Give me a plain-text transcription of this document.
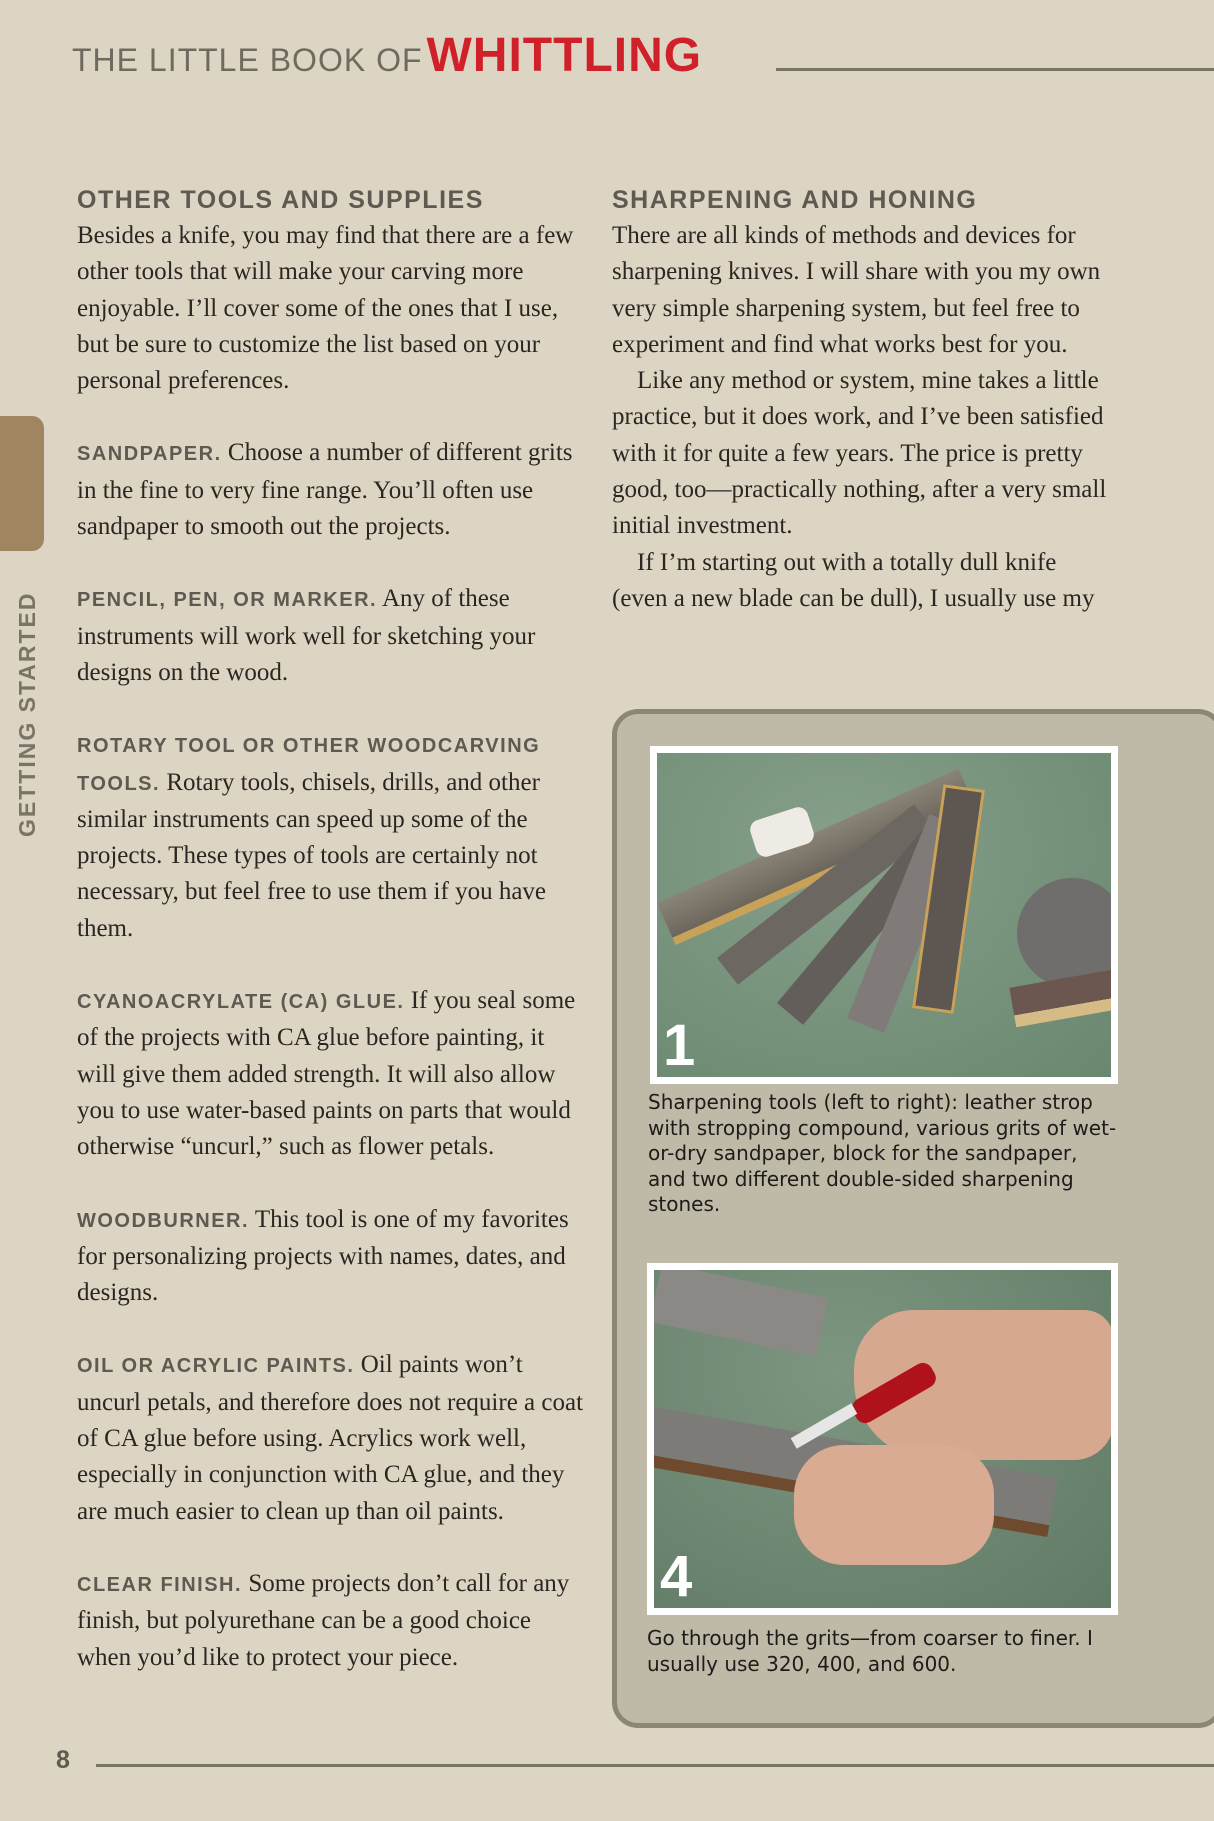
THE LITTLE BOOK OF WHITTLING
GETTING STARTED
OTHER TOOLS AND SUPPLIES

Besides a knife, you may find that there are a few other tools that will make your carving more enjoyable. I’ll cover some of the ones that I use, but be sure to customize the list based on your personal preferences.

SANDPAPER. Choose a number of different grits in the fine to very fine range. You’ll often use sandpaper to smooth out the projects.

PENCIL, PEN, OR MARKER. Any of these instruments will work well for sketching your designs on the wood.

ROTARY TOOL OR OTHER WOODCARVING TOOLS. Rotary tools, chisels, drills, and other similar instruments can speed up some of the projects. These types of tools are certainly not necessary, but feel free to use them if you have them.

CYANOACRYLATE (CA) GLUE. If you seal some of the projects with CA glue before painting, it will give them added strength. It will also allow you to use water-based paints on parts that would otherwise “uncurl,” such as flower petals.

WOODBURNER. This tool is one of my favorites for personalizing projects with names, dates, and designs.

OIL OR ACRYLIC PAINTS. Oil paints won’t uncurl petals, and therefore does not require a coat of CA glue before using. Acrylics work well, especially in conjunction with CA glue, and they are much easier to clean up than oil paints.

CLEAR FINISH. Some projects don’t call for any finish, but polyurethane can be a good choice when you’d like to protect your piece.

SHARPENING AND HONING

There are all kinds of methods and devices for sharpening knives. I will share with you my own very simple sharpening system, but feel free to experiment and find what works best for you.

Like any method or system, mine takes a little practice, but it does work, and I’ve been satisfied with it for quite a few years. The price is pretty good, too—practically nothing, after a very small initial investment.

If I’m starting out with a totally dull knife (even a new blade can be dull), I usually use my

1
Sharpening tools (left to right): leather strop with stropping compound, various grits of wet-or-dry sandpaper, block for the sandpaper, and two different double-sided sharpening stones.
4
Go through the grits—from coarser to finer. I usually use 320, 400, and 600.
8
